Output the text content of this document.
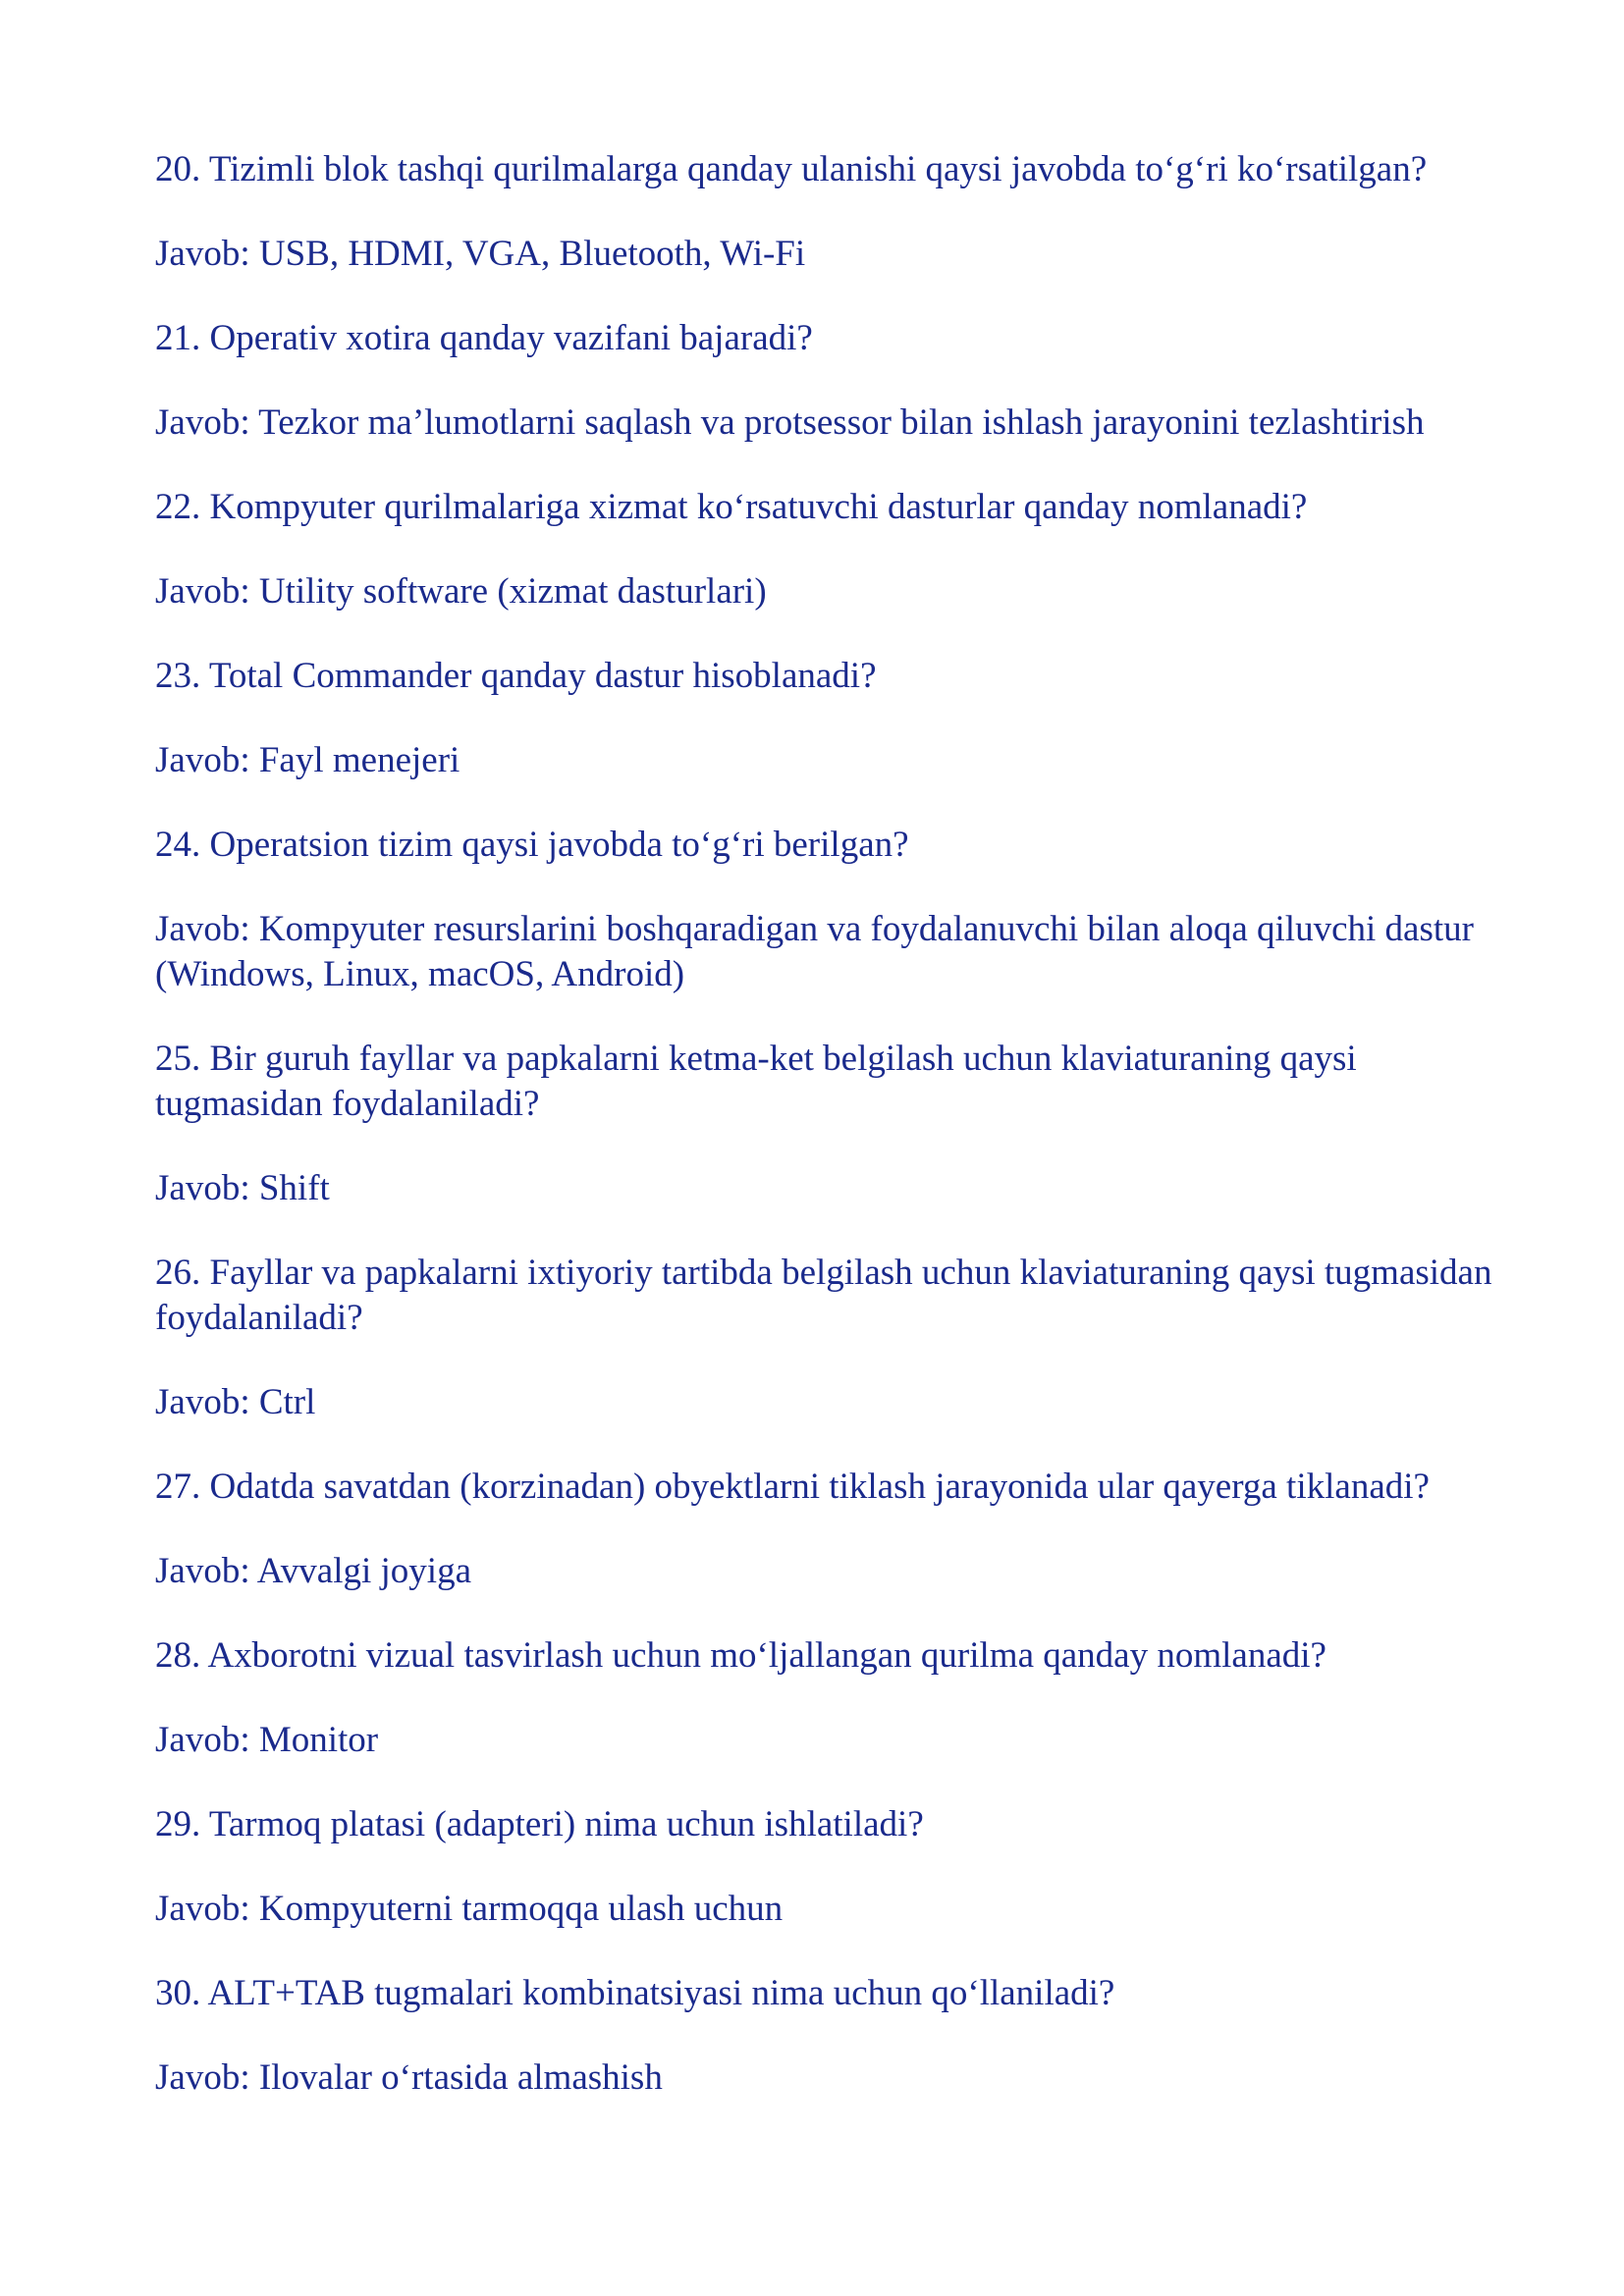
20. Tizimli blok tashqi qurilmalarga qanday ulanishi qaysi javobda to‘g‘ri ko‘rsatilgan?

Javob: USB, HDMI, VGA, Bluetooth, Wi-Fi

21. Operativ xotira qanday vazifani bajaradi?

Javob: Tezkor ma’lumotlarni saqlash va protsessor bilan ishlash jarayonini tezlashtirish

22. Kompyuter qurilmalariga xizmat ko‘rsatuvchi dasturlar qanday nomlanadi?

Javob: Utility software (xizmat dasturlari)

23. Total Commander qanday dastur hisoblanadi?

Javob: Fayl menejeri

24. Operatsion tizim qaysi javobda to‘g‘ri berilgan?

Javob: Kompyuter resurslarini boshqaradigan va foydalanuvchi bilan aloqa qiluvchi dastur (Windows, Linux, macOS, Android)

25. Bir guruh fayllar va papkalarni ketma-ket belgilash uchun klaviaturaning qaysi tugmasidan foydalaniladi?

Javob: Shift

26. Fayllar va papkalarni ixtiyoriy tartibda belgilash uchun klaviaturaning qaysi tugmasidan foydalaniladi?

Javob: Ctrl

27. Odatda savatdan (korzinadan) obyektlarni tiklash jarayonida ular qayerga tiklanadi?

Javob: Avvalgi joyiga

28. Axborotni vizual tasvirlash uchun mo‘ljallangan qurilma qanday nomlanadi?

Javob: Monitor

29. Tarmoq platasi (adapteri) nima uchun ishlatiladi?

Javob: Kompyuterni tarmoqqa ulash uchun

30. ALT+TAB tugmalari kombinatsiyasi nima uchun qo‘llaniladi?

Javob: Ilovalar o‘rtasida almashish
